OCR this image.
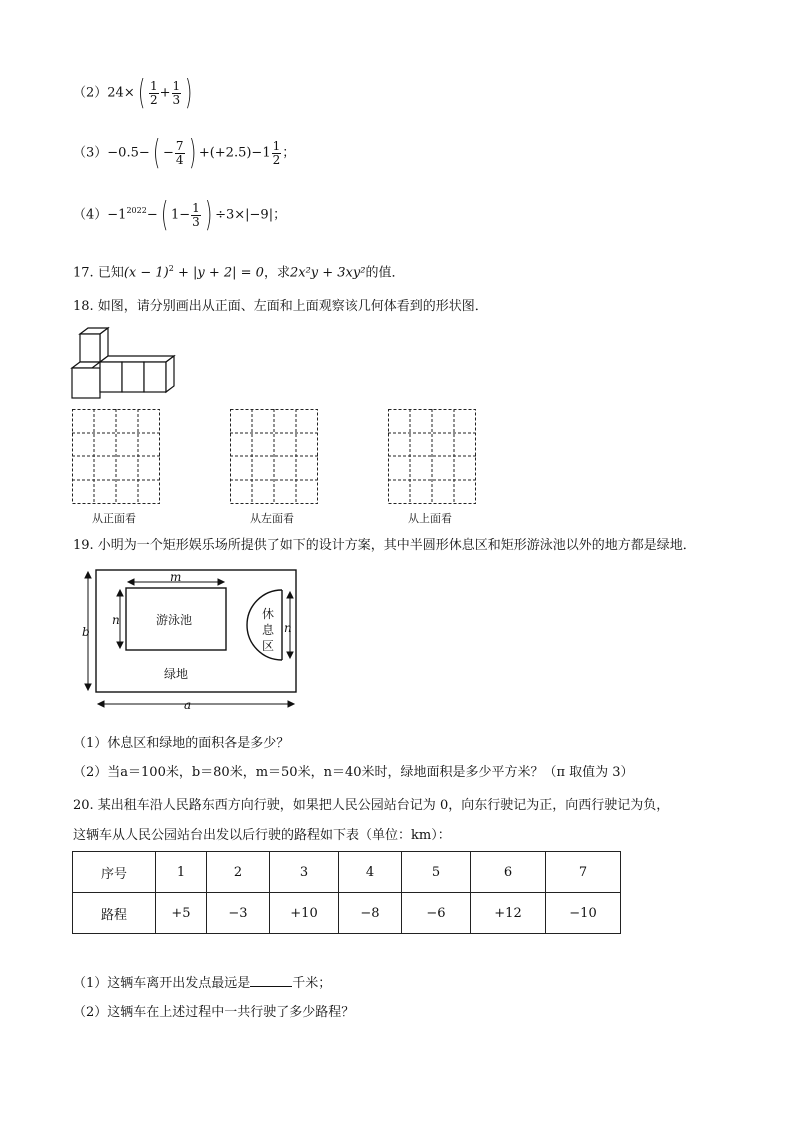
$(2)24\times( \frac{1}{2} + \frac{1}{3}$ )
$(3)-0.5-( - \frac{7}{4}$ ) $+(+2.5)-1 \frac{1}{2}$ ；
$(4)-1^{2022}-$( $1- \frac{1}{3}$ ) ÷3×|−9|；
17. 已知$(x - 1)^2 + |y + 2| = 0$，求2x²y + 3xy²的值．
18. 如图，请分别画出从正面、左面和上面观察该几何体看到的形状图．
从正面看	从左面看	从上面看
19. 小明为一个矩形娱乐场所提供了如下的设计方案，其中半圆形休息区和矩形游泳池以外的地方都是绿地．
m
n
n
b
a
游泳池
绿地
休
息
区
（1）休息区和绿地的面积各是多少？
（2）当a＝100米，b＝80米，m＝50米，n＝40米时，绿地面积是多少平方米？（π 取值为 3）
20. 某出租车沿人民路东西方向行驶，如果把人民公园站台记为 0，向东行驶记为正，向西行驶记为负，
这辆车从人民公园站台出发以后行驶的路程如下表（单位：km）：
序号	1	2	3	4	5	6	7
路程	+5	−3	+10	−8	−6	+12	−10
（1）这辆车离开出发点最远是	千米；
（2）这辆车在上述过程中一共行驶了多少路程？
